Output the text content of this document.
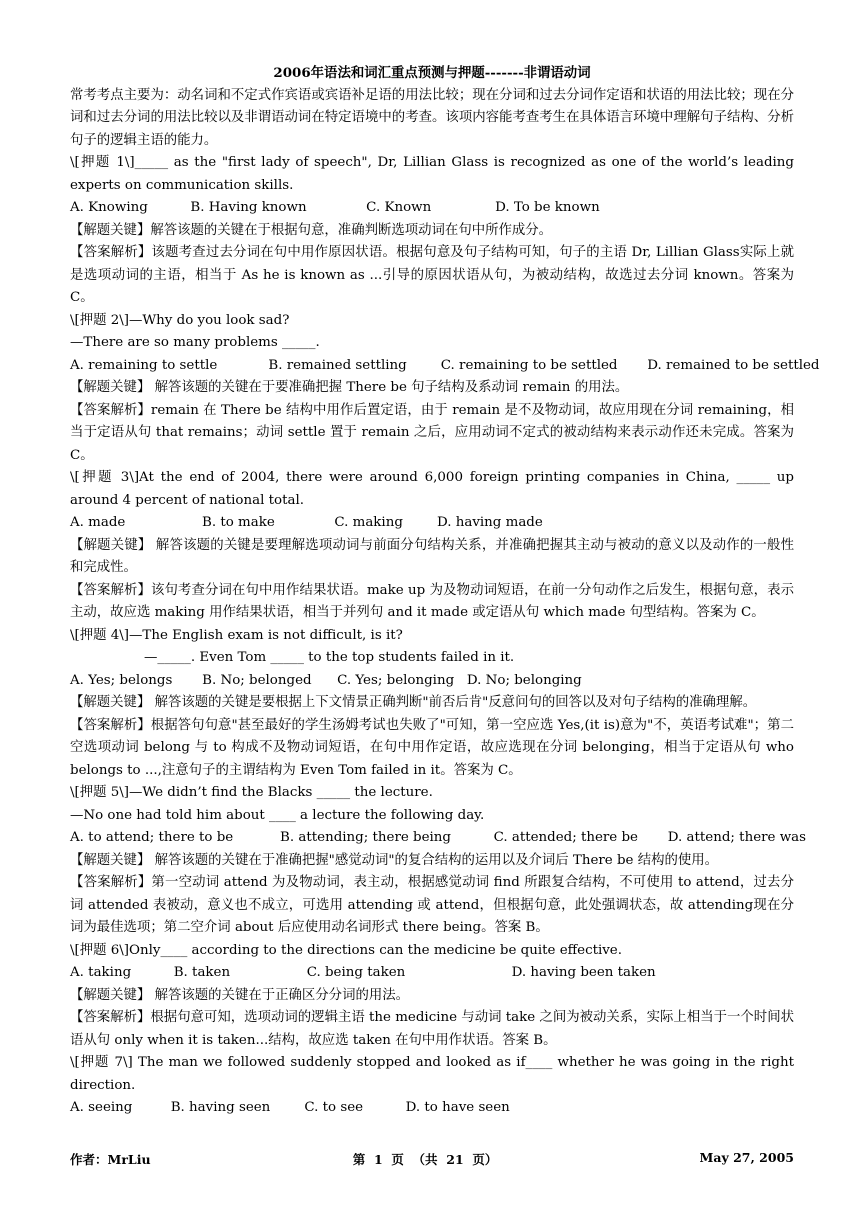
2006年语法和词汇重点预测与押题-------非谓语动词

常考考点主要为：动名词和不定式作宾语或宾语补足语的用法比较；现在分词和过去分词作定语和状语的用法比较；现在分词和过去分词的用法比较以及非谓语动词在特定语境中的考查。该项内容能考查考生在具体语言环境中理解句子结构、分析句子的逻辑主语的能力。

\[押题 1\]_____ as the "first lady of speech", Dr, Lillian Glass is recognized as one of the world’s leading experts on communication skills.

A. Knowing          B. Having known              C. Known               D. To be known

【解题关键】解答该题的关键在于根据句意，准确判断选项动词在句中所作成分。

【答案解析】该题考查过去分词在句中用作原因状语。根据句意及句子结构可知，句子的主语 Dr, Lillian Glass实际上就是选项动词的主语，相当于 As he is known as ...引导的原因状语从句，为被动结构，故选过去分词 known。答案为 C。

\[押题 2\]—Why do you look sad?

—There are so many problems _____.

A. remaining to settle            B. remained settling        C. remaining to be settled       D. remained to be settled

【解题关键】 解答该题的关键在于要准确把握 There be 句子结构及系动词 remain 的用法。

【答案解析】remain 在 There be 结构中用作后置定语，由于 remain 是不及物动词，故应用现在分词 remaining，相当于定语从句 that remains；动词 settle 置于 remain 之后，应用动词不定式的被动结构来表示动作还未完成。答案为 C。

\[押题 3\]At the end of 2004, there were around 6,000 foreign printing companies in China, _____ up around 4 percent of national total.

A. made                  B. to make              C. making        D. having made

【解题关键】 解答该题的关键是要理解选项动词与前面分句结构关系，并准确把握其主动与被动的意义以及动作的一般性和完成性。

【答案解析】该句考查分词在句中用作结果状语。make up 为及物动词短语，在前一分句动作之后发生，根据句意，表示主动，故应选 making 用作结果状语，相当于并列句 and it made 或定语从句 which made 句型结构。答案为 C。

\[押题 4\]—The English exam is not difficult, is it?

—_____. Even Tom _____ to the top students failed in it.

A. Yes; belongs       B. No; belonged      C. Yes; belonging   D. No; belonging

【解题关键】 解答该题的关键是要根据上下文情景正确判断"前否后肯"反意问句的回答以及对句子结构的准确理解。

【答案解析】根据答句句意"甚至最好的学生汤姆考试也失败了"可知，第一空应选 Yes,(it is)意为"不，英语考试难"；第二空选项动词 belong 与 to 构成不及物动词短语，在句中用作定语，故应选现在分词 belonging，相当于定语从句 who belongs to ...,注意句子的主谓结构为 Even Tom failed in it。答案为 C。

\[押题 5\]—We didn’t find the Blacks _____ the lecture.

—No one had told him about ____ a lecture the following day.

A. to attend; there to be           B. attending; there being          C. attended; there be       D. attend; there was

【解题关键】 解答该题的关键在于准确把握"感觉动词"的复合结构的运用以及介词后 There be 结构的使用。

【答案解析】第一空动词 attend 为及物动词，表主动，根据感觉动词 find 所跟复合结构，不可使用 to attend，过去分词 attended 表被动，意义也不成立，可选用 attending 或 attend，但根据句意，此处强调状态，故 attending现在分词为最佳选项；第二空介词 about 后应使用动名词形式 there being。答案 B。

\[押题 6\]Only____ according to the directions can the medicine be quite effective.

A. taking          B. taken                  C. being taken                         D. having been taken

【解题关键】 解答该题的关键在于正确区分分词的用法。

【答案解析】根据句意可知，选项动词的逻辑主语 the medicine 与动词 take 之间为被动关系，实际上相当于一个时间状语从句 only when it is taken...结构，故应选 taken 在句中用作状语。答案 B。

\[押题 7\] The man we followed suddenly stopped and looked as if____ whether he was going in the right direction.

A. seeing         B. having seen        C. to see          D. to have seen

作者：MrLiu	第  1  页  （共  21  页）	May 27, 2005
